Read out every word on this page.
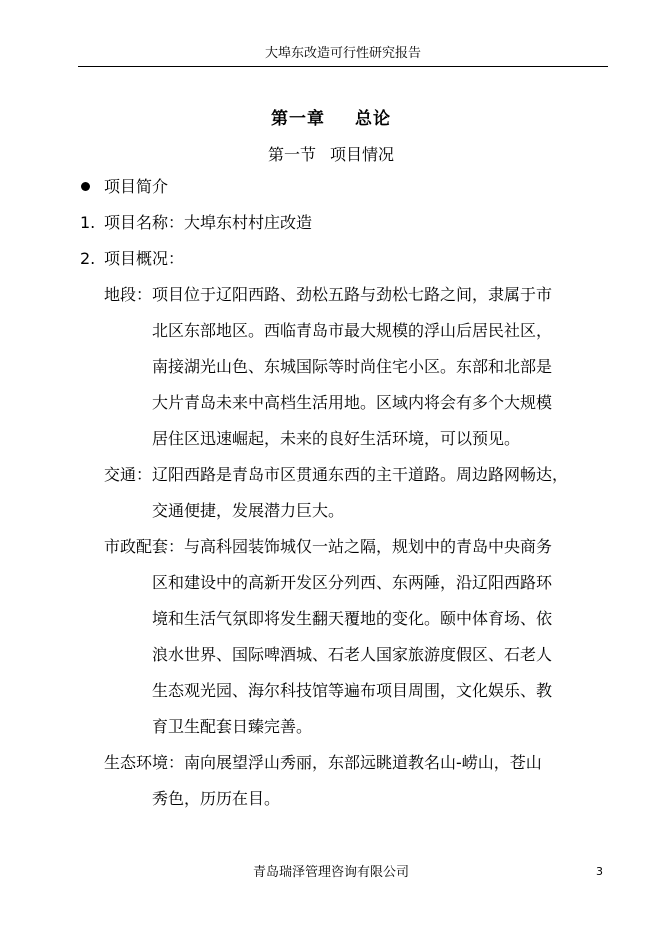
大埠东改造可行性研究报告
第一章 总论
第一节 项目情况
项目简介
1. 项目名称：大埠东村村庄改造
2. 项目概况：
地段：项目位于辽阳西路、劲松五路与劲松七路之间，隶属于市
北区东部地区。西临青岛市最大规模的浮山后居民社区，
南接湖光山色、东城国际等时尚住宅小区。东部和北部是
大片青岛未来中高档生活用地。区域内将会有多个大规模
居住区迅速崛起，未来的良好生活环境，可以预见。
交通：辽阳西路是青岛市区贯通东西的主干道路。周边路网畅达，
交通便捷，发展潜力巨大。
市政配套：与高科园装饰城仅一站之隔，规划中的青岛中央商务
区和建设中的高新开发区分列西、东两陲，沿辽阳西路环
境和生活气氛即将发生翻天覆地的变化。颐中体育场、依
浪水世界、国际啤酒城、石老人国家旅游度假区、石老人
生态观光园、海尔科技馆等遍布项目周围，文化娱乐、教
育卫生配套日臻完善。
生态环境：南向展望浮山秀丽，东部远眺道教名山-崂山，苍山
秀色，历历在目。
青岛瑞泽管理咨询有限公司	3
